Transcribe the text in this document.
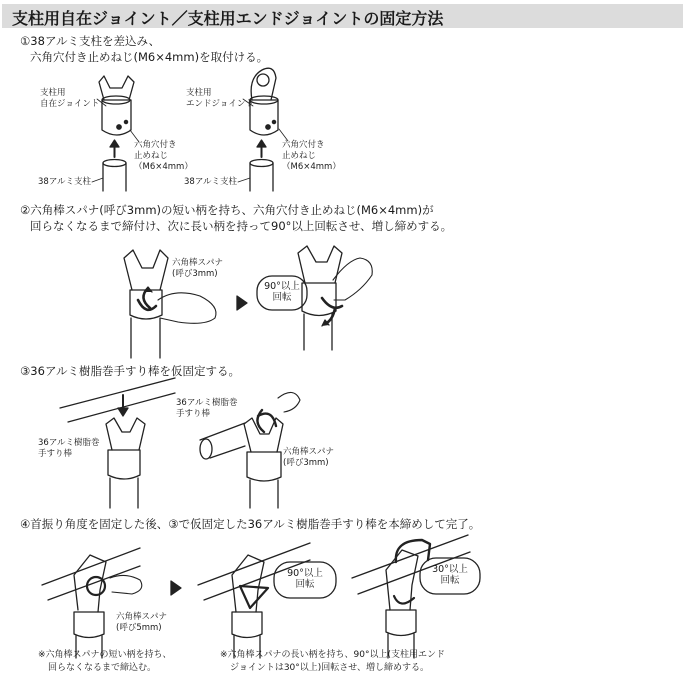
支柱用自在ジョイント／支柱用エンドジョイントの固定方法
①38アルミ支柱を差込み、
六角穴付き止めねじ(M6×4mm)を取付ける。
②六角棒スパナ(呼び3mm)の短い柄を持ち、六角穴付き止めねじ(M6×4mm)が
回らなくなるまで締付け、次に長い柄を持って90°以上回転させ、増し締めする。
③36アルミ樹脂巻手すり棒を仮固定する。
④首振り角度を固定した後、③で仮固定した36アルミ樹脂巻手すり棒を本締めして完了。
支柱用
自在ジョイント
支柱用
エンドジョイント
六角穴付き
止めねじ
（M6×4mm）
六角穴付き
止めねじ
（M6×4mm）
38アルミ支柱	38アルミ支柱
六角棒スパナ
(呼び3mm)
90°以上
回転
36アルミ樹脂巻
手すり棒
36アルミ樹脂巻
手すり棒
六角棒スパナ
(呼び3mm)
六角棒スパナ
(呼び5mm)
90°以上
回転
30°以上
回転
※六角棒スパナの短い柄を持ち、
回らなくなるまで締込む。
※六角棒スパナの長い柄を持ち、90°以上(支柱用エンド
ジョイントは30°以上)回転させ、増し締めする。
